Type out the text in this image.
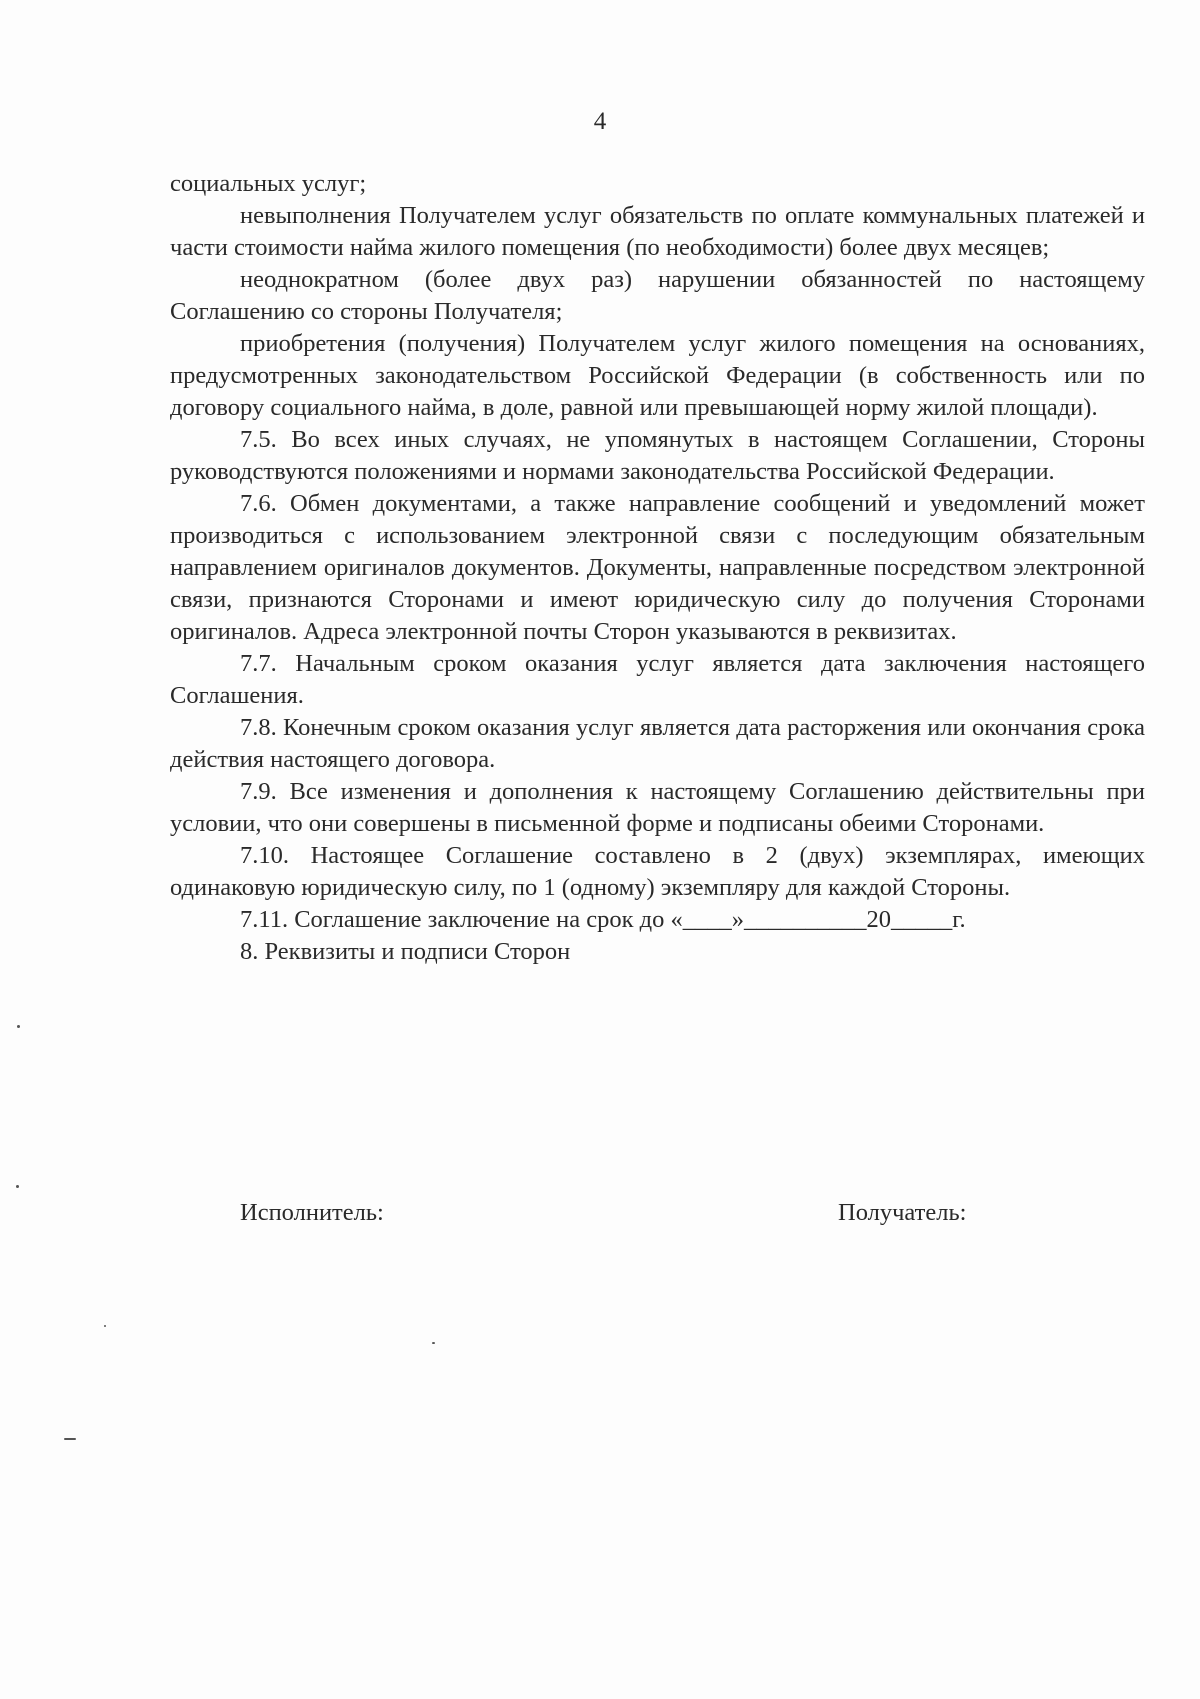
4

социальных услуг;

невыполнения Получателем услуг обязательств по оплате коммунальных платежей и части стоимости найма жилого помещения (по необходимости) более двух месяцев;

неоднократном (более двух раз) нарушении обязанностей по настоящему Соглашению со стороны Получателя;

приобретения (получения) Получателем услуг жилого помещения на основаниях, предусмотренных законодательством Российской Федерации (в собственность или по договору социального найма, в доле, равной или превышающей норму жилой площади).

7.5. Во всех иных случаях, не упомянутых в настоящем Соглашении, Стороны руководствуются положениями и нормами законодательства Российской Федерации.

7.6. Обмен документами, а также направление сообщений и уведомлений может производиться с использованием электронной связи с последующим обязательным направлением оригиналов документов. Документы, направленные посредством электронной связи, признаются Сторонами и имеют юридическую силу до получения Сторонами оригиналов. Адреса электронной почты Сторон указываются в реквизитах.

7.7. Начальным сроком оказания услуг является дата заключения настоящего Соглашения.

7.8. Конечным сроком оказания услуг является дата расторжения или окончания срока действия настоящего договора.

7.9. Все изменения и дополнения к настоящему Соглашению действительны при условии, что они совершены в письменной форме и подписаны обеими Сторонами.

7.10. Настоящее Соглашение составлено в 2 (двух) экземплярах, имеющих одинаковую юридическую силу, по 1 (одному) экземпляру для каждой Стороны.

7.11. Соглашение заключение на срок до «____»__________20_____г.

8. Реквизиты и подписи Сторон

Исполнитель:	Получатель:
